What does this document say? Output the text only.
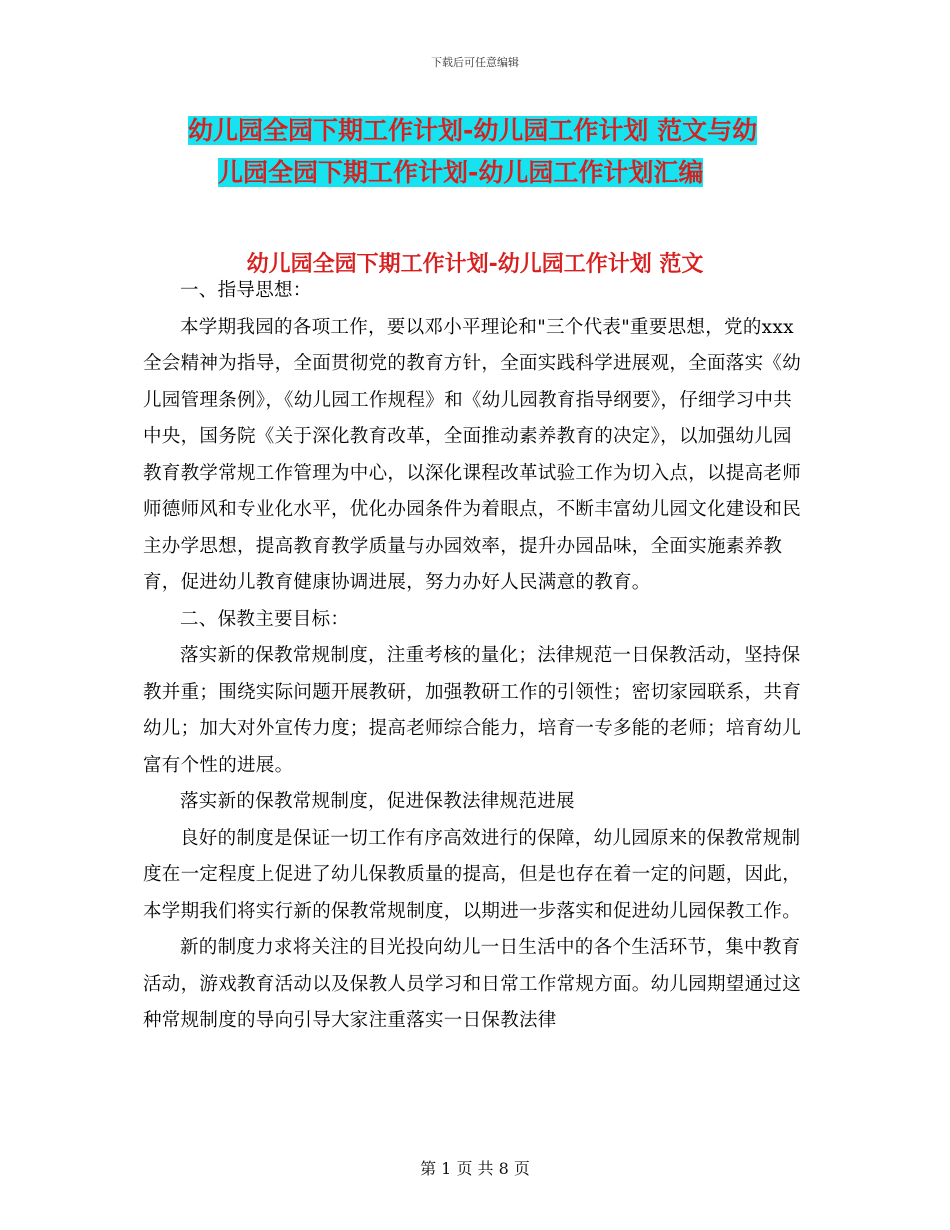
下载后可任意编辑
幼儿园全园下期工作计划-幼儿园工作计划 范文与幼
儿园全园下期工作计划-幼儿园工作计划汇编
幼儿园全园下期工作计划-幼儿园工作计划 范文

一、指导思想：

本学期我园的各项工作，要以邓小平理论和"三个代表"重要思想，党的xxx全会精神为指导，全面贯彻党的教育方针，全面实践科学进展观，全面落实《幼儿园管理条例》，《幼儿园工作规程》和《幼儿园教育指导纲要》，仔细学习中共中央，国务院《关于深化教育改革，全面推动素养教育的决定》，以加强幼儿园教育教学常规工作管理为中心，以深化课程改革试验工作为切入点，以提高老师师德师风和专业化水平，优化办园条件为着眼点，不断丰富幼儿园文化建设和民主办学思想，提高教育教学质量与办园效率，提升办园品味，全面实施素养教育，促进幼儿教育健康协调进展，努力办好人民满意的教育。

二、保教主要目标：

落实新的保教常规制度，注重考核的量化；法律规范一日保教活动，坚持保教并重；围绕实际问题开展教研，加强教研工作的引领性；密切家园联系，共育幼儿；加大对外宣传力度；提高老师综合能力，培育一专多能的老师；培育幼儿富有个性的进展。

落实新的保教常规制度，促进保教法律规范进展

良好的制度是保证一切工作有序高效进行的保障，幼儿园原来的保教常规制度在一定程度上促进了幼儿保教质量的提高，但是也存在着一定的问题，因此，本学期我们将实行新的保教常规制度，以期进一步落实和促进幼儿园保教工作。

新的制度力求将关注的目光投向幼儿一日生活中的各个生活环节，集中教育活动，游戏教育活动以及保教人员学习和日常工作常规方面。幼儿园期望通过这种常规制度的导向引导大家注重落实一日保教法律

第 1 页 共 8 页
